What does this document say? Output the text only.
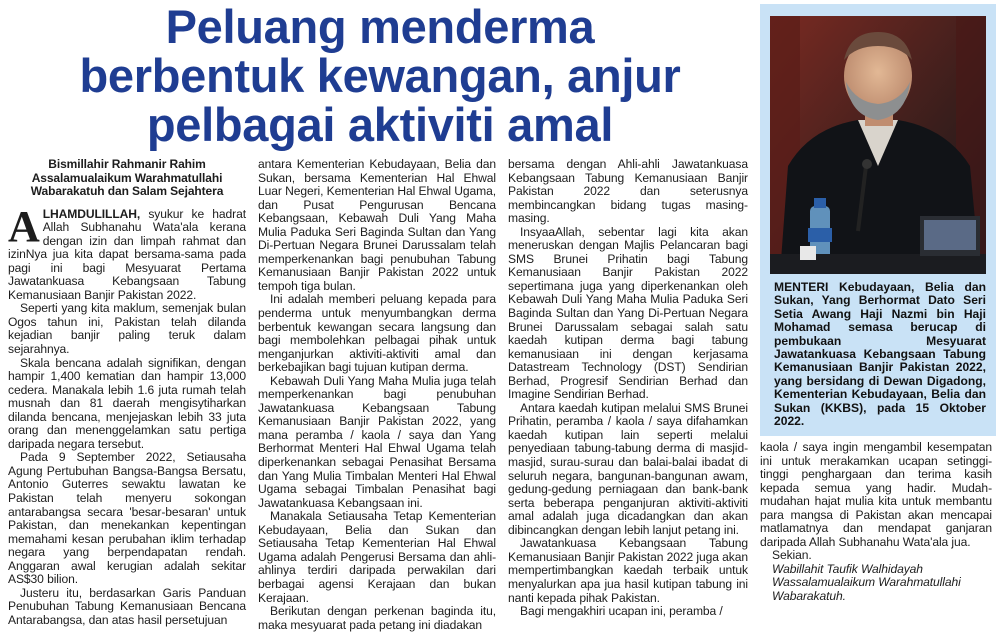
Peluang menderma
berbentuk kewangan, anjur
pelbagai aktiviti amal
Bismillahir Rahmanir Rahim
Assalamualaikum Warahmatullahi
Wabarakatuh dan Salam Sejahtera

ALHAMDULILLAH, syukur ke hadrat Allah Subhanahu Wata'ala kerana dengan izin dan limpah rahmat dan izinNya jua kita dapat bersama-sama pada pagi ini bagi Mesyuarat Pertama Jawatankuasa Kebangsaan Tabung Kemanusiaan Banjir Pakistan 2022.

Seperti yang kita maklum, semenjak bulan Ogos tahun ini, Pakistan telah dilanda kejadian banjir paling teruk dalam sejarahnya.

Skala bencana adalah signifikan, dengan hampir 1,400 kematian dan hampir 13,000 cedera. Manakala lebih 1.6 juta rumah telah musnah dan 81 daerah mengisytiharkan dilanda bencana, menjejaskan lebih 33 juta orang dan menenggelamkan satu pertiga daripada negara tersebut.

Pada 9 September 2022, Setiausaha Agung Pertubuhan Bangsa-Bangsa Bersatu, Antonio Guterres sewaktu lawatan ke Pakistan telah menyeru sokongan antarabangsa secara 'besar-besaran' untuk Pakistan, dan menekankan kepentingan memahami kesan perubahan iklim terhadap negara yang berpendapatan rendah. Anggaran awal kerugian adalah sekitar AS$30 bilion.

Justeru itu, berdasarkan Garis Panduan Penubuhan Tabung Kemanusiaan Bencana Antarabangsa, dan atas hasil persetujuan

antara Kementerian Kebudayaan, Belia dan Sukan, bersama Kementerian Hal Ehwal Luar Negeri, Kementerian Hal Ehwal Ugama, dan Pusat Pengurusan Bencana Kebangsaan, Kebawah Duli Yang Maha Mulia Paduka Seri Baginda Sultan dan Yang Di-Pertuan Negara Brunei Darussalam telah memperkenankan bagi penubuhan Tabung Kemanusiaan Banjir Pakistan 2022 untuk tempoh tiga bulan.

Ini adalah memberi peluang kepada para penderma untuk menyumbangkan derma berbentuk kewangan secara langsung dan bagi membolehkan pelbagai pihak untuk menganjurkan aktiviti-aktiviti amal dan berkebajikan bagi tujuan kutipan derma.

Kebawah Duli Yang Maha Mulia juga telah memperkenankan bagi penubuhan Jawatankuasa Kebangsaan Tabung Kemanusiaan Banjir Pakistan 2022, yang mana peramba / kaola / saya dan Yang Berhormat Menteri Hal Ehwal Ugama telah diperkenankan sebagai Penasihat Bersama dan Yang Mulia Timbalan Menteri Hal Ehwal Ugama sebagai Timbalan Penasihat bagi Jawatankuasa Kebangsaan ini.

Manakala Setiausaha Tetap Kementerian Kebudayaan, Belia dan Sukan dan Setiausaha Tetap Kementerian Hal Ehwal Ugama adalah Pengerusi Bersama dan ahli-ahlinya terdiri daripada perwakilan dari berbagai agensi Kerajaan dan bukan Kerajaan.

Berikutan dengan perkenan baginda itu, maka mesyuarat pada petang ini diadakan

bersama dengan Ahli-ahli Jawatankuasa Kebangsaan Tabung Kemanusiaan Banjir Pakistan 2022 dan seterusnya membincangkan bidang tugas masing-masing.

InsyaaAllah, sebentar lagi kita akan meneruskan dengan Majlis Pelancaran bagi SMS Brunei Prihatin bagi Tabung Kemanusiaan Banjir Pakistan 2022 sepertimana juga yang diperkenankan oleh Kebawah Duli Yang Maha Mulia Paduka Seri Baginda Sultan dan Yang Di-Pertuan Negara Brunei Darussalam sebagai salah satu kaedah kutipan derma bagi tabung kemanusiaan ini dengan kerjasama Datastream Technology (DST) Sendirian Berhad, Progresif Sendirian Berhad dan Imagine Sendirian Berhad.

Antara kaedah kutipan melalui SMS Brunei Prihatin, peramba / kaola / saya difahamkan kaedah kutipan lain seperti melalui penyediaan tabung-tabung derma di masjid-masjid, surau-surau dan balai-balai ibadat di seluruh negara, bangunan-bangunan awam, gedung-gedung perniagaan dan bank-bank serta beberapa penganjuran aktiviti-aktiviti amal adalah juga dicadangkan dan akan dibincangkan dengan lebih lanjut petang ini.

Jawatankuasa Kebangsaan Tabung Kemanusiaan Banjir Pakistan 2022 juga akan mempertimbangkan kaedah terbaik untuk menyalurkan apa jua hasil kutipan tabung ini nanti kepada pihak Pakistan.

Bagi mengakhiri ucapan ini, peramba /

MENTERI Kebudayaan, Belia dan Sukan, Yang Berhormat Dato Seri Setia Awang Haji Nazmi bin Haji Mohamad semasa berucap di pembukaan Mesyuarat Jawatankuasa Kebangsaan Tabung Kemanusiaan Banjir Pakistan 2022, yang bersidang di Dewan Digadong, Kementerian Kebudayaan, Belia dan Sukan (KKBS), pada 15 Oktober 2022.

kaola / saya ingin mengambil kesempatan ini untuk merakamkan ucapan setinggi-tinggi penghargaan dan terima kasih kepada semua yang hadir. Mudah-mudahan hajat mulia kita untuk membantu para mangsa di Pakistan akan mencapai matlamatnya dan mendapat ganjaran daripada Allah Subhanahu Wata'ala jua.

Sekian.

Wabillahit Taufik Walhidayah
Wassalamualaikum Warahmatullahi
Wabarakatuh.
